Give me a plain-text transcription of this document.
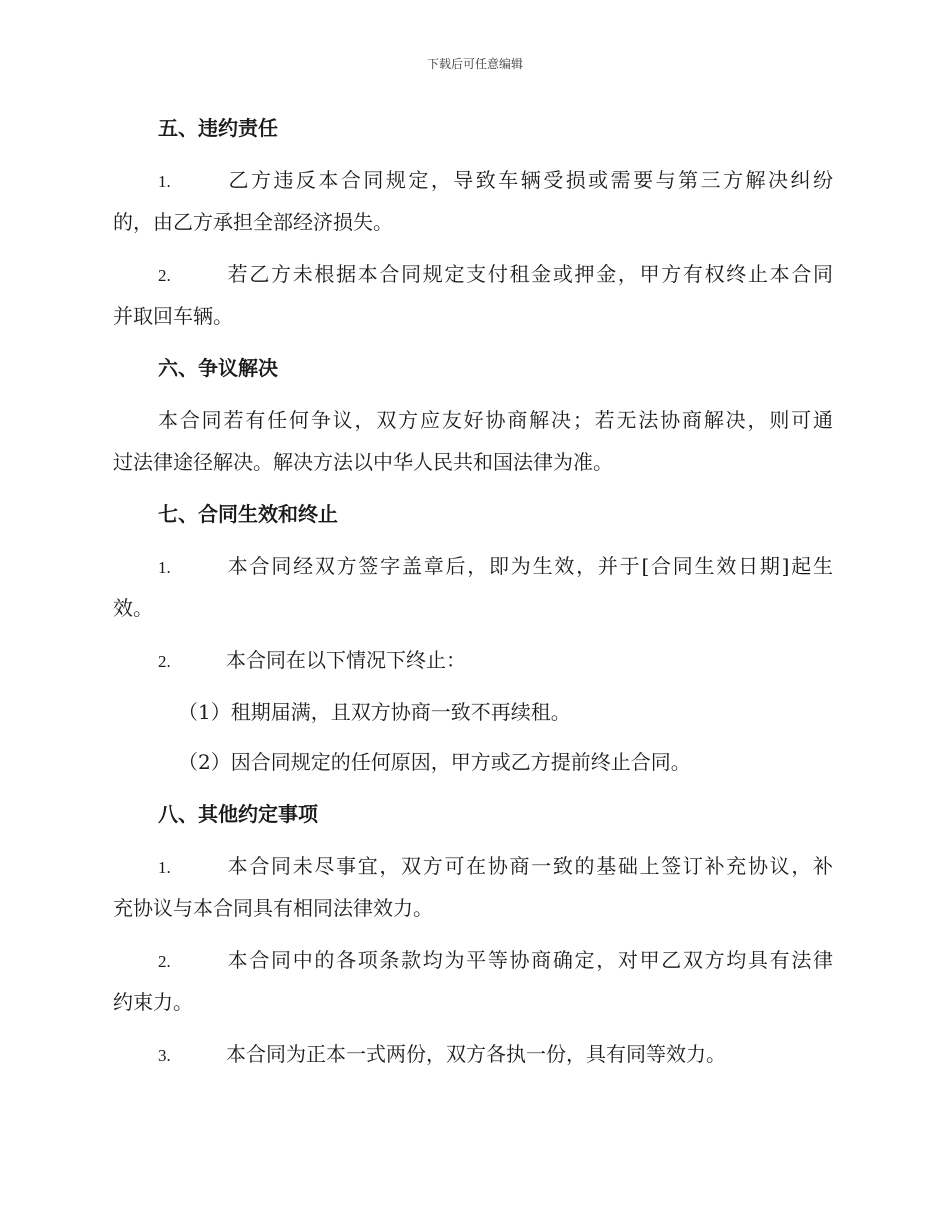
下载后可任意编辑
五、违约责任
1.	乙方违反本合同规定，导致车辆受损或需要与第三方解决纠纷
的，由乙方承担全部经济损失。
2.	若乙方未根据本合同规定支付租金或押金，甲方有权终止本合同
并取回车辆。
六、争议解决
本合同若有任何争议，双方应友好协商解决；若无法协商解决，则可通
过法律途径解决。解决方法以中华人民共和国法律为准。
七、合同生效和终止
1.	本合同经双方签字盖章后，即为生效，并于[合同生效日期]起生
效。
2.	本合同在以下情况下终止：
（1）租期届满，且双方协商一致不再续租。
（2）因合同规定的任何原因，甲方或乙方提前终止合同。
八、其他约定事项
1.	本合同未尽事宜，双方可在协商一致的基础上签订补充协议，补
充协议与本合同具有相同法律效力。
2.	本合同中的各项条款均为平等协商确定，对甲乙双方均具有法律
约束力。
3.	本合同为正本一式两份，双方各执一份，具有同等效力。
